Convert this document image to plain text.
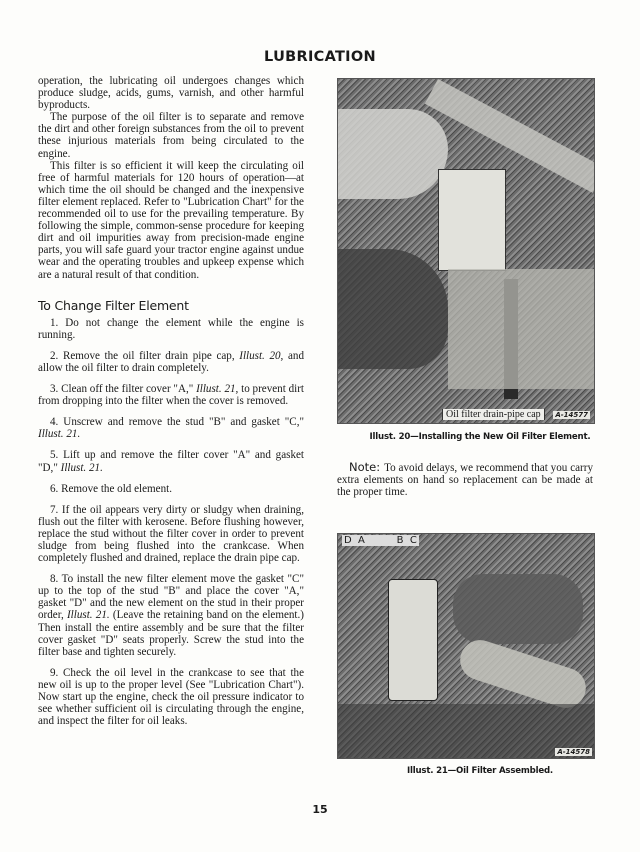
LUBRICATION

operation, the lubricating oil undergoes changes which produce sludge, acids, gums, varnish, and other harmful byproducts.

The purpose of the oil filter is to separate and remove the dirt and other foreign substances from the oil to prevent these injurious materials from being circulated to the engine.

This filter is so efficient it will keep the circulating oil free of harmful materials for 120 hours of operation—at which time the oil should be changed and the inexpensive filter element replaced. Refer to "Lubrication Chart" for the recommended oil to use for the prevailing temperature. By following the simple, common-sense procedure for keeping dirt and oil impurities away from precision-made engine parts, you will safe guard your tractor engine against undue wear and the operating troubles and upkeep expense which are a natural result of that condition.

To Change Filter Element

1. Do not change the element while the engine is running.

2. Remove the oil filter drain pipe cap, Illust. 20, and allow the oil filter to drain completely.

3. Clean off the filter cover "A," Illust. 21, to prevent dirt from dropping into the filter when the cover is removed.

4. Unscrew and remove the stud "B" and gasket "C," Illust. 21.

5. Lift up and remove the filter cover "A" and gasket "D," Illust. 21.

6. Remove the old element.

7. If the oil appears very dirty or sludgy when draining, flush out the filter with kerosene. Before flushing however, replace the stud without the filter cover in order to prevent sludge from being flushed into the crankcase. When completely flushed and drained, replace the drain pipe cap.

8. To install the new filter element move the gasket "C" up to the top of the stud "B" and place the cover "A," gasket "D" and the new element on the stud in their proper order, Illust. 21. (Leave the retaining band on the element.) Then install the entire assembly and be sure that the filter cover gasket "D" seats properly. Screw the stud into the filter base and tighten securely.

9. Check the oil level in the crankcase to see that the new oil is up to the proper level (See "Lubrication Chart"). Now start up the engine, check the oil pressure indicator to see whether sufficient oil is circulating through the engine, and inspect the filter for oil leaks.

Oil filter drain-pipe cap	A-14577
Illust. 20—Installing the New Oil Filter Element.
Note: To avoid delays, we recommend that you carry extra elements on hand so replacement can be made at the proper time.
D  A          B  C
A-14578
Illust. 21—Oil Filter Assembled.
15
